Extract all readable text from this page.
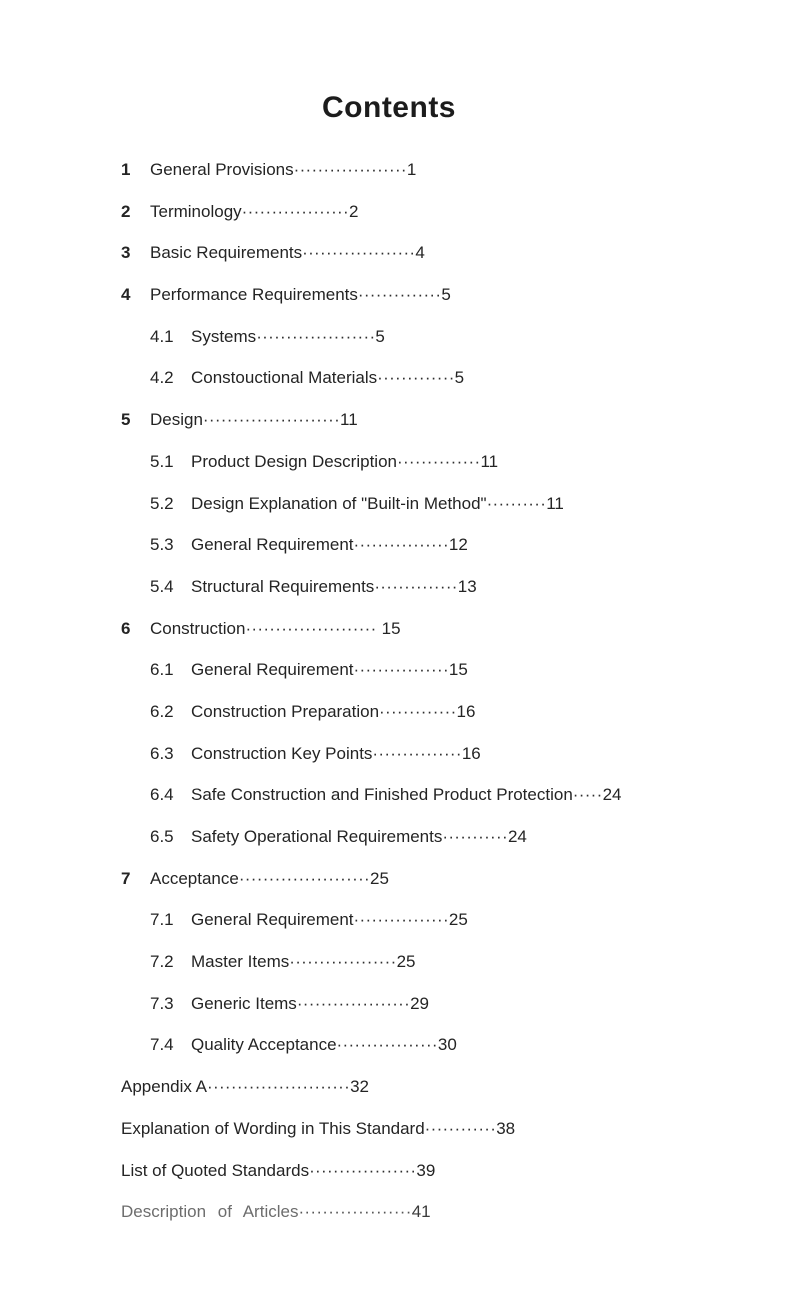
Contents
1 General Provisions···················1
2 Terminology··················2
3 Basic Requirements···················4
4 Performance Requirements··············5
4.1 Systems····················5
4.2 Constouctional Materials·············5
5 Design·······················11
5.1 Product Design Description··············11
5.2 Design Explanation of "Built-in Method"··········11
5.3 General Requirement················12
5.4 Structural Requirements··············13
6 Construction······················ 15
6.1 General Requirement················15
6.2 Construction Preparation·············16
6.3 Construction Key Points···············16
6.4 Safe Construction and Finished Product Protection·····24
6.5 Safety Operational Requirements···········24
7 Acceptance······················25
7.1 General Requirement················25
7.2 Master Items··················25
7.3 Generic Items···················29
7.4 Quality Acceptance·················30
Appendix A························32
Explanation of Wording in This Standard············38
List of Quoted Standards··················39
Description of Articles···················41
